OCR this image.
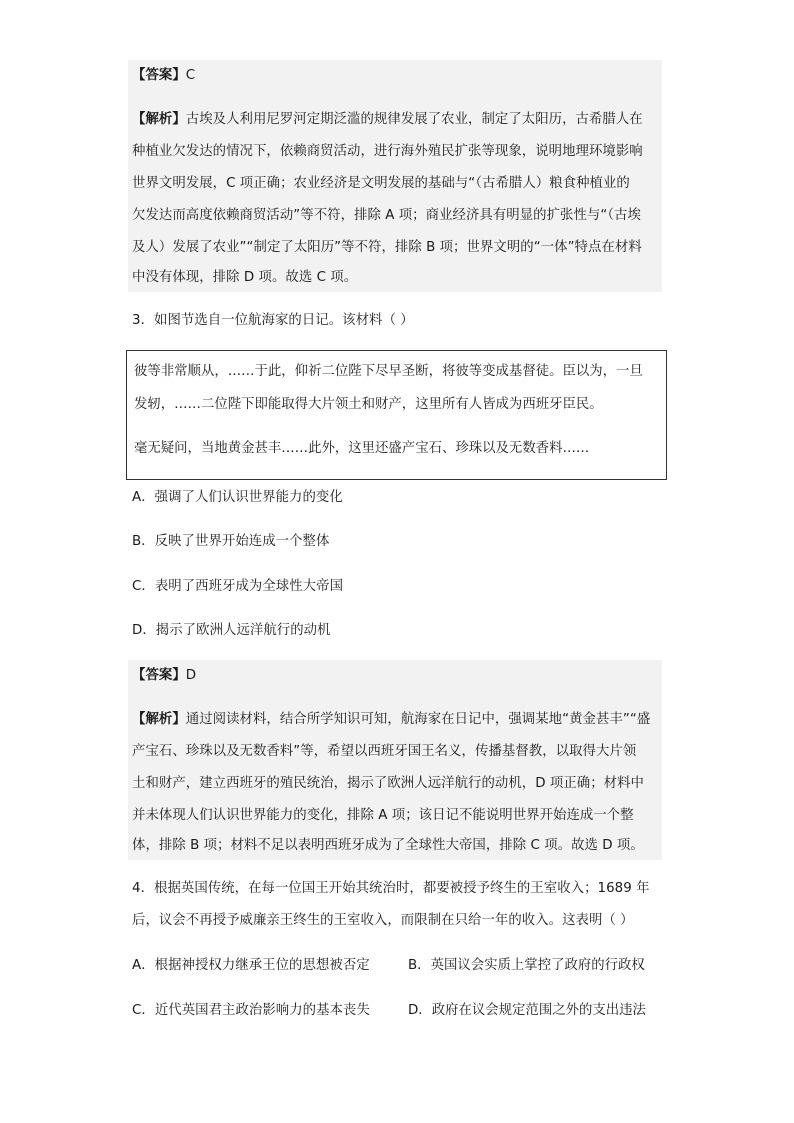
【答案】C
【解析】古埃及人利用尼罗河定期泛滥的规律发展了农业，制定了太阳历，古希腊人在
种植业欠发达的情况下，依赖商贸活动，进行海外殖民扩张等现象，说明地理环境影响
世界文明发展，C 项正确；农业经济是文明发展的基础与“（古希腊人）粮食种植业的
欠发达而高度依赖商贸活动”等不符，排除 A 项；商业经济具有明显的扩张性与“（古埃
及人）发展了农业”“制定了太阳历”等不符，排除 B 项；世界文明的“一体”特点在材料
中没有体现，排除 D 项。故选 C 项。
3．如图节选自一位航海家的日记。该材料（ ）
彼等非常顺从，……于此，仰祈二位陛下尽早圣断，将彼等变成基督徒。臣以为，一旦
发轫，……二位陛下即能取得大片领土和财产，这里所有人皆成为西班牙臣民。
毫无疑问，当地黄金甚丰……此外，这里还盛产宝石、珍珠以及无数香料……
A．强调了人们认识世界能力的变化
B．反映了世界开始连成一个整体
C．表明了西班牙成为全球性大帝国
D．揭示了欧洲人远洋航行的动机
【答案】D
【解析】通过阅读材料，结合所学知识可知，航海家在日记中，强调某地“黄金甚丰”“盛
产宝石、珍珠以及无数香料”等，希望以西班牙国王名义，传播基督教，以取得大片领
土和财产，建立西班牙的殖民统治，揭示了欧洲人远洋航行的动机，D 项正确；材料中
并未体现人们认识世界能力的变化，排除 A 项；该日记不能说明世界开始连成一个整
体，排除 B 项；材料不足以表明西班牙成为了全球性大帝国，排除 C 项。故选 D 项。
4．根据英国传统，在每一位国王开始其统治时，都要被授予终生的王室收入；1689 年
后，议会不再授予威廉亲王终生的王室收入，而限制在只给一年的收入。这表明（ ）
A．根据神授权力继承王位的思想被否定	B．英国议会实质上掌控了政府的行政权
C．近代英国君主政治影响力的基本丧失	D．政府在议会规定范围之外的支出违法
